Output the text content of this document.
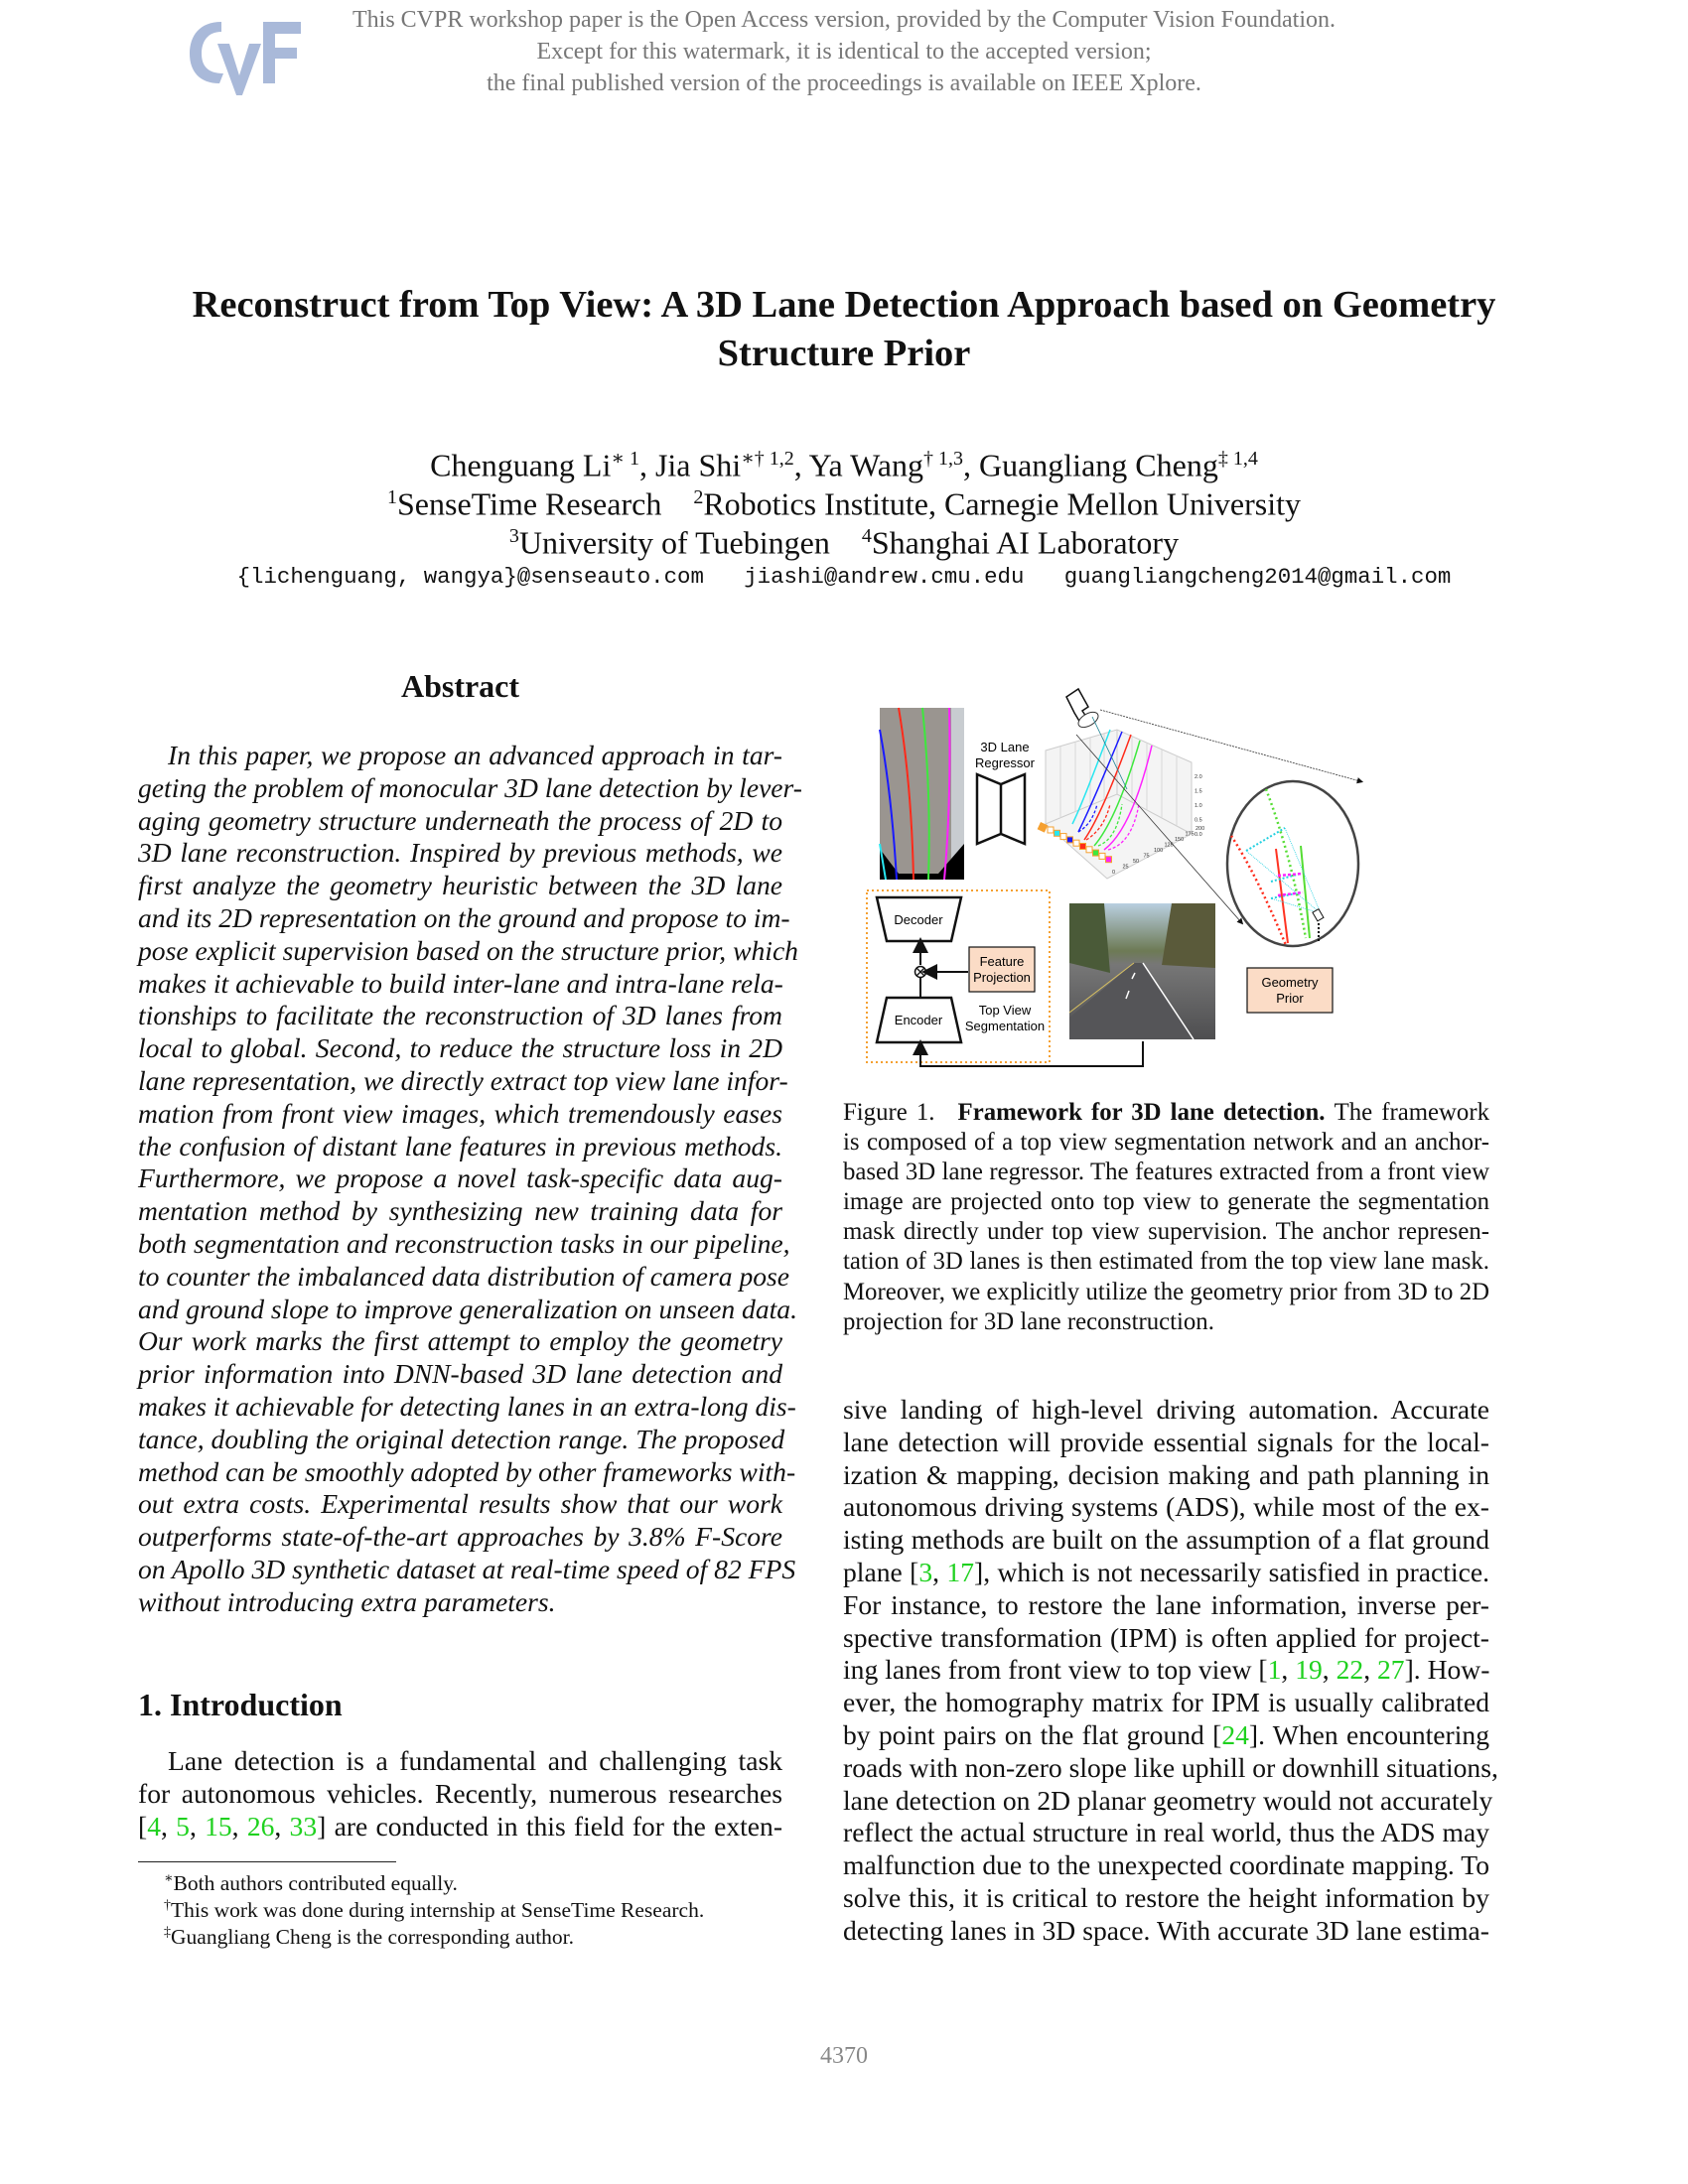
This CVPR workshop paper is the Open Access version, provided by the Computer Vision Foundation.
Except for this watermark, it is identical to the accepted version;
the final published version of the proceedings is available on IEEE Xplore.
Reconstruct from Top View: A 3D Lane Detection Approach based on Geometry
Structure Prior
Chenguang $Li^{∗ 1}$, Jia Shi$^{∗\dagger 1,2}$, Ya Wang$^{\dagger 1,3}$, Guangliang Cheng$^{\ddagger 1,4}$
$^1$SenseTime Research $^2$Robotics Institute, Carnegie Mellon University
$^3$University of Tuebingen $^4$Shanghai AI Laboratory
{lichenguang, wangya}@senseauto.com jiashi@andrew.cmu.edu guangliangcheng2014@gmail.com
Abstract
1. Introduction
In this paper, we propose an advanced approach in tar-
geting the problem of monocular 3D lane detection by lever-
aging geometry structure underneath the process of 2D to
3D lane reconstruction. Inspired by previous methods, we
first analyze the geometry heuristic between the 3D lane
and its 2D representation on the ground and propose to im-
pose explicit supervision based on the structure prior, which
makes it achievable to build inter-lane and intra-lane rela-
tionships to facilitate the reconstruction of 3D lanes from
local to global. Second, to reduce the structure loss in 2D
lane representation, we directly extract top view lane infor-
mation from front view images, which tremendously eases
the confusion of distant lane features in previous methods.
Furthermore, we propose a novel task-specific data aug-
mentation method by synthesizing new training data for
both segmentation and reconstruction tasks in our pipeline,
to counter the imbalanced data distribution of camera pose
and ground slope to improve generalization on unseen data.
Our work marks the first attempt to employ the geometry
prior information into DNN-based 3D lane detection and
makes it achievable for detecting lanes in an extra-long dis-
tance, doubling the original detection range. The proposed
method can be smoothly adopted by other frameworks with-
out extra costs. Experimental results show that our work
outperforms state-of-the-art approaches by 3.8% F-Score
on Apollo 3D synthetic dataset at real-time speed of 82 FPS
without introducing extra parameters.
Lane detection is a fundamental and challenging task
for autonomous vehicles. Recently, numerous researches
[4, 5, 15, 26, 33] are conducted in this field for the exten-
sive landing of high-level driving automation. Accurate
lane detection will provide essential signals for the local-
ization & mapping, decision making and path planning in
autonomous driving systems (ADS), while most of the ex-
isting methods are built on the assumption of a flat ground
plane [3, 17], which is not necessarily satisfied in practice.
For instance, to restore the lane information, inverse per-
spective transformation (IPM) is often applied for project-
ing lanes from front view to top view [1, 19, 22, 27]. How-
ever, the homography matrix for IPM is usually calibrated
by point pairs on the flat ground [24]. When encountering
roads with non-zero slope like uphill or downhill situations,
lane detection on 2D planar geometry would not accurately
reflect the actual structure in real world, thus the ADS may
malfunction due to the unexpected coordinate mapping. To
solve this, it is critical to restore the height information by
detecting lanes in 3D space. With accurate 3D lane estima-
Figure 1. Framework for 3D lane detection. The framework
is composed of a top view segmentation network and an anchor-
based 3D lane regressor. The features extracted from a front view
image are projected onto top view to generate the segmentation
mask directly under top view supervision. The anchor represen-
tation of 3D lanes is then estimated from the top view lane mask.
Moreover, we explicitly utilize the geometry prior from 3D to 2D
projection for 3D lane reconstruction.
∗Both authors contributed equally.
†This work was done during internship at SenseTime Research.
‡Guangliang Cheng is the corresponding author.
3D Lane
Regressor
2.0
1.5
1.0
0.5
0.0
0
25
50
75
100
125
150
175
200
Geometry
Prior
Decoder
Encoder
Feature
Projection
Top View
Segmentation
4370
